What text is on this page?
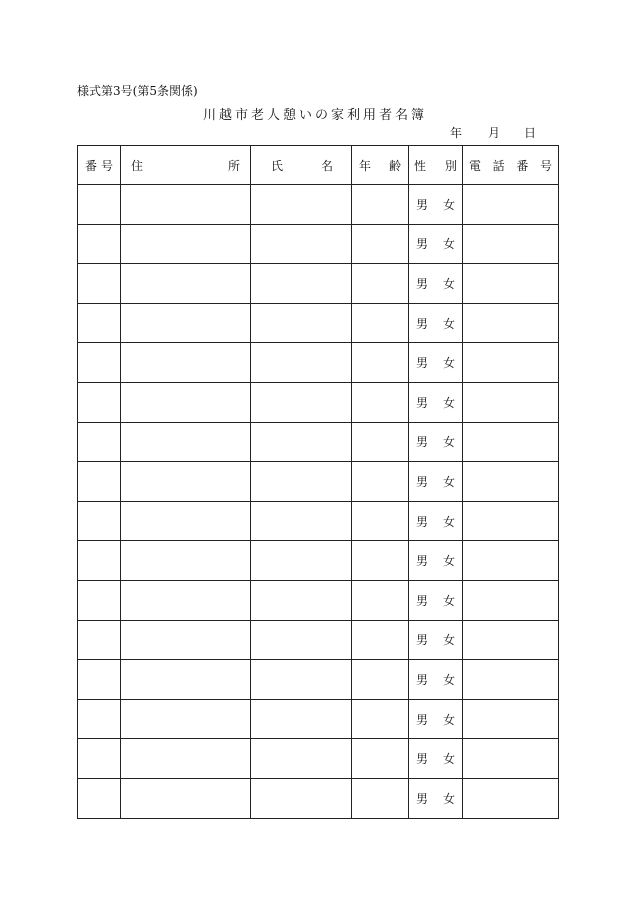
様式第3号(第5条関係)
川越市老人憩いの家利用者名簿
年 月 日
番 号	住 所	氏 名	年 齢	性 別	電 話 番 号

				男 女	

				男 女	

				男 女	

				男 女	

				男 女	

				男 女	

				男 女	

				男 女	

				男 女	

				男 女	

				男 女	

				男 女	

				男 女	

				男 女	

				男 女	

				男 女	
